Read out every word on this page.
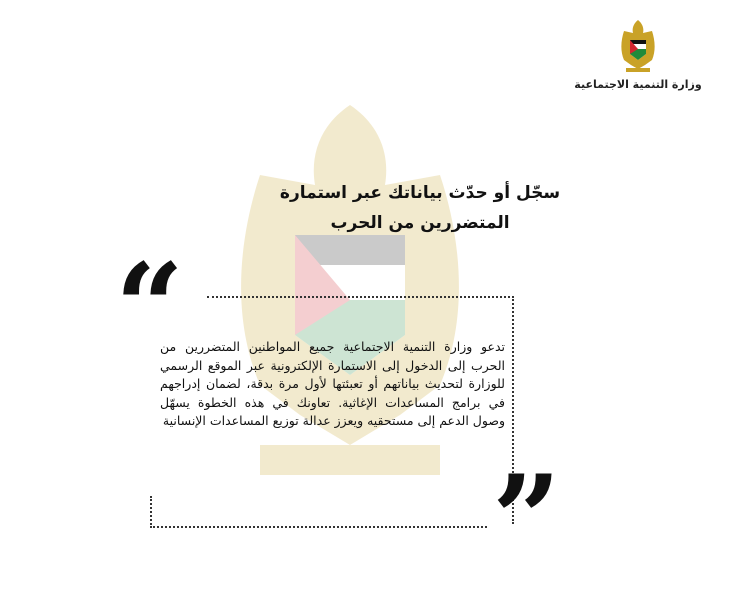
وزارة التنمية الاجتماعية
سجّل أو حدّث بياناتك عبر استمارة المتضررين من الحرب
“
”
تدعو وزارة التنمية الاجتماعية جميع المواطنين المتضررين من الحرب إلى الدخول إلى الاستمارة الإلكترونية عبر الموقع الرسمي للوزارة لتحديث بياناتهم أو تعبئتها لأول مرة بدقة، لضمان إدراجهم في برامج المساعدات الإغاثية. تعاونك في هذه الخطوة يسهّل وصول الدعم إلى مستحقيه ويعزز عدالة توزيع المساعدات الإنسانية
